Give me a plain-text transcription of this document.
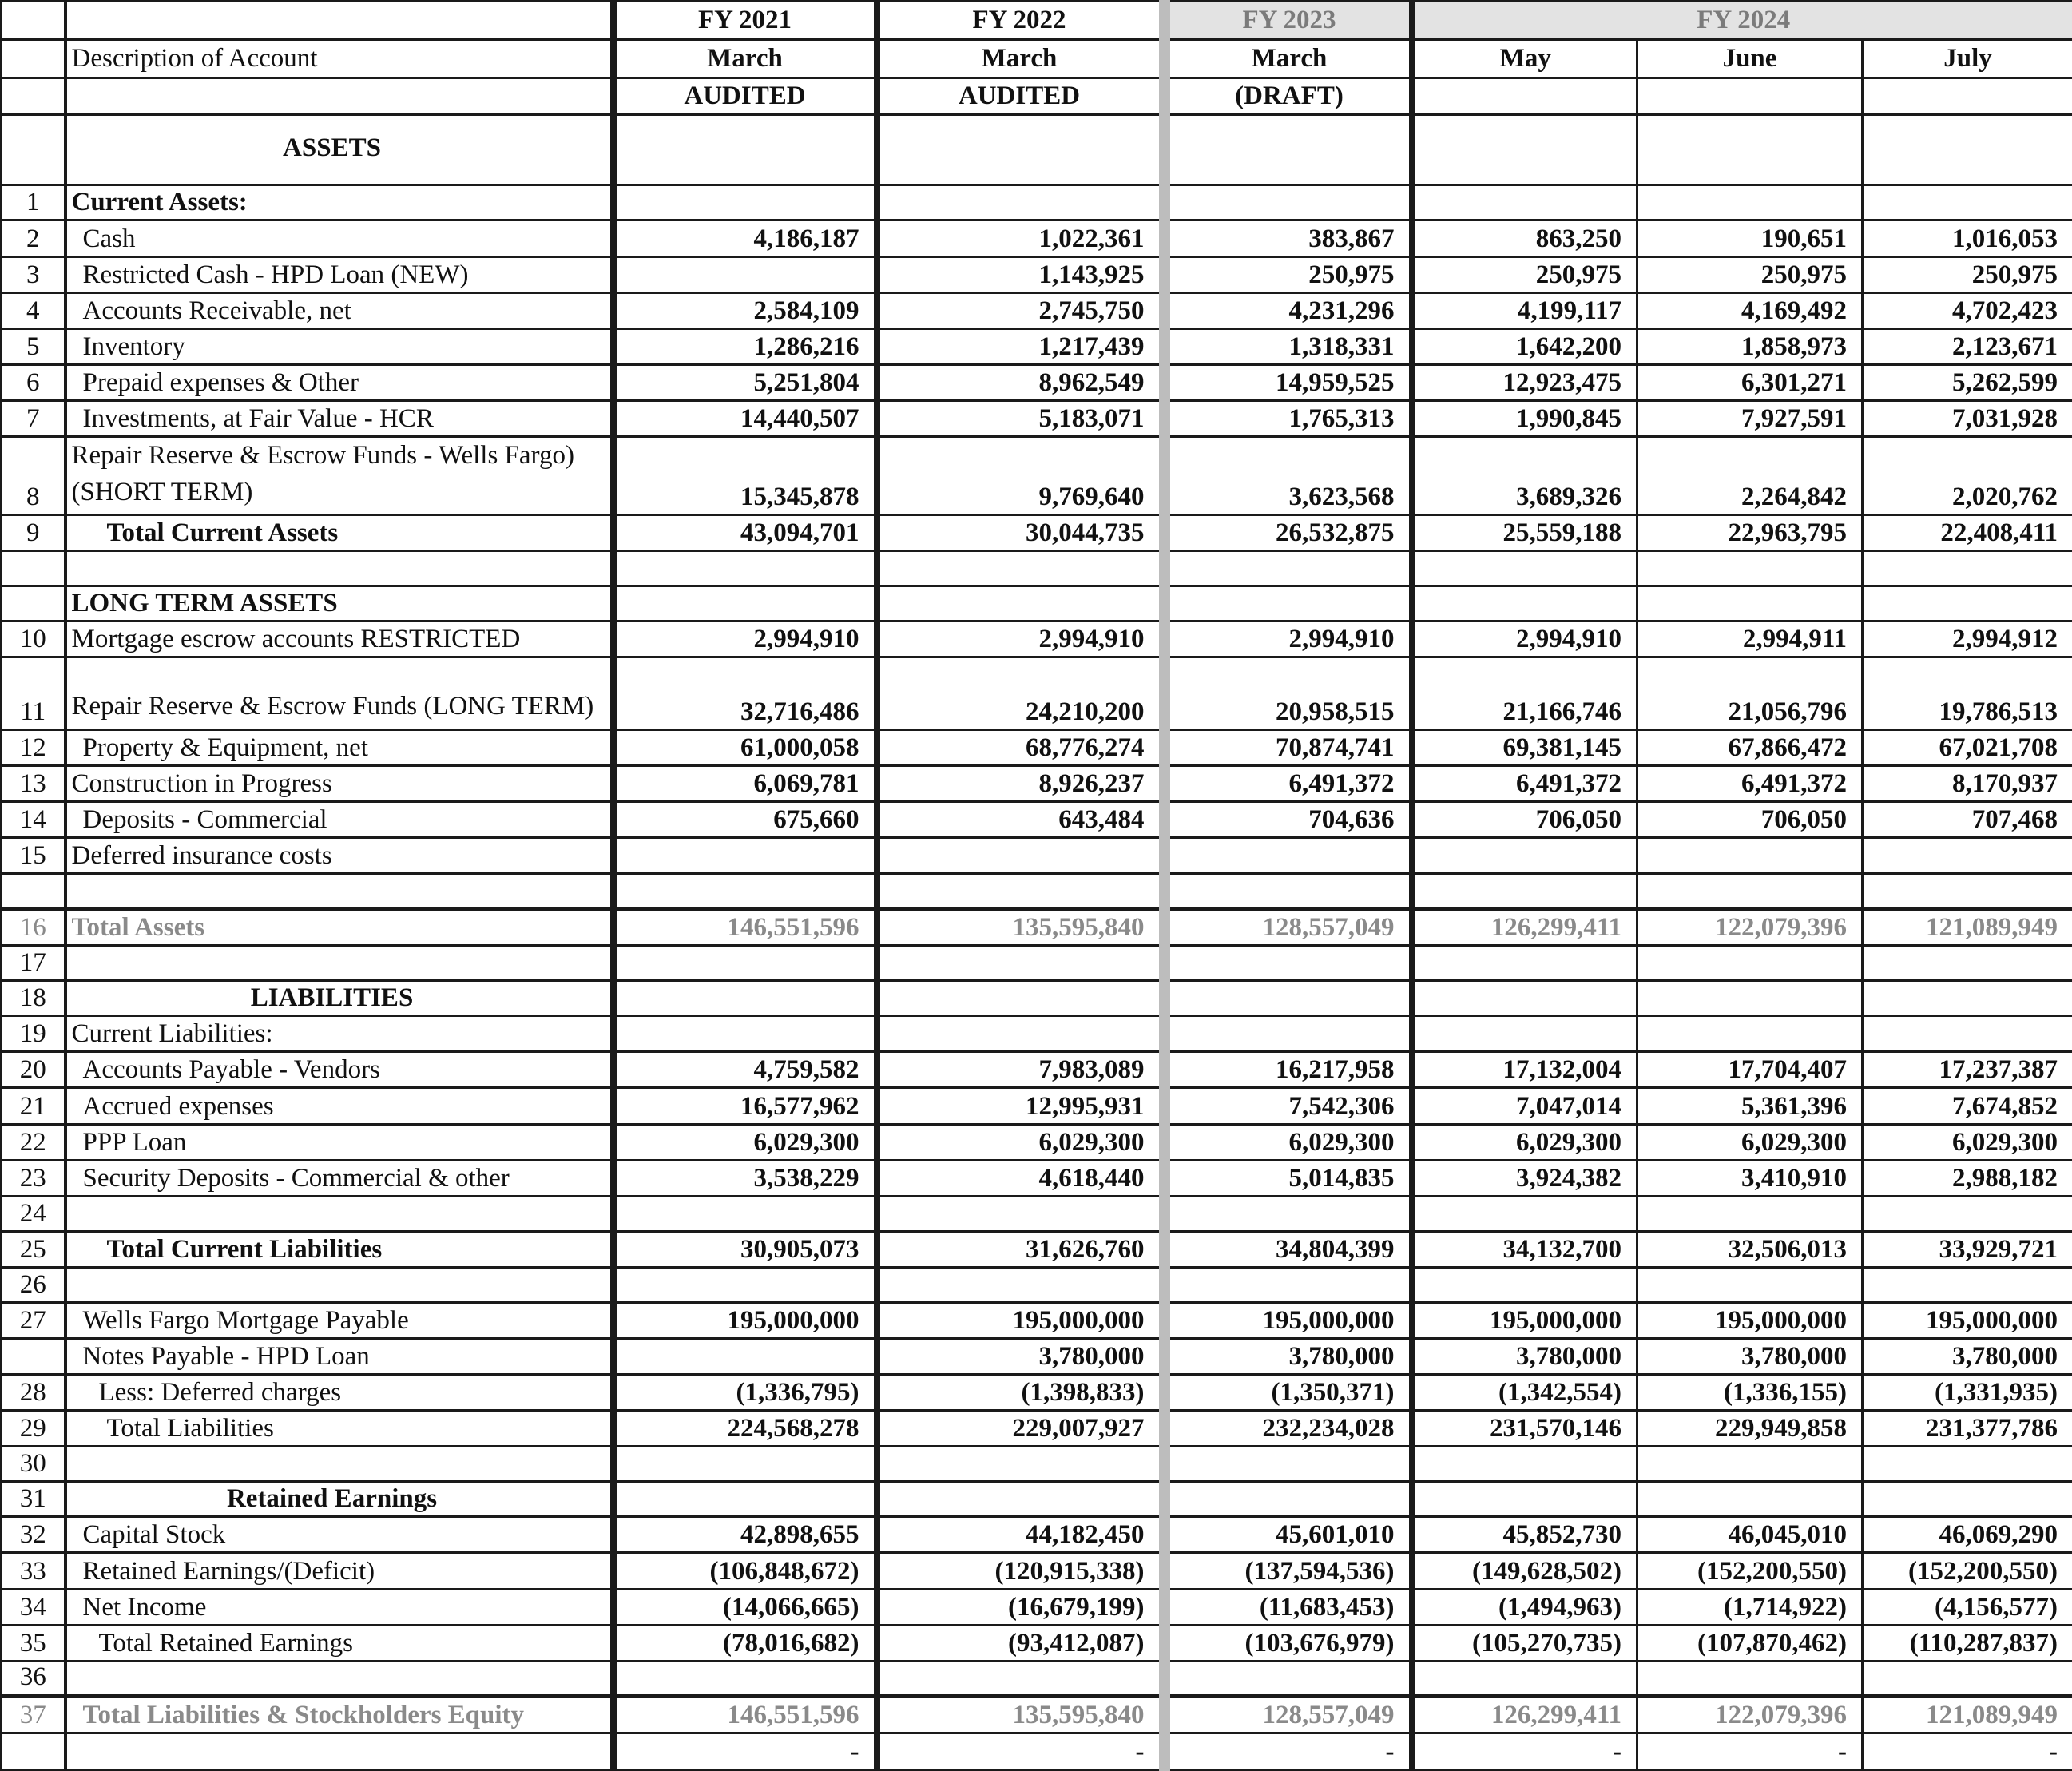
		FY 2021	FY 2022	FY 2023	FY 2024		
	Description of Account	March	March	March	May	June	July
		AUDITED	AUDITED	(DRAFT)			
	ASSETS						
1	Current Assets:						
2	Cash	4,186,187	1,022,361	383,867	863,250	190,651	1,016,053
3	Restricted Cash - HPD Loan (NEW)		1,143,925	250,975	250,975	250,975	250,975
4	Accounts Receivable, net	2,584,109	2,745,750	4,231,296	4,199,117	4,169,492	4,702,423
5	Inventory	1,286,216	1,217,439	1,318,331	1,642,200	1,858,973	2,123,671
6	Prepaid expenses & Other	5,251,804	8,962,549	14,959,525	12,923,475	6,301,271	5,262,599
7	Investments, at Fair Value - HCR	14,440,507	5,183,071	1,765,313	1,990,845	7,927,591	7,031,928
8	Repair Reserve & Escrow Funds - Wells Fargo) (SHORT TERM)	15,345,878	9,769,640	3,623,568	3,689,326	2,264,842	2,020,762
9	Total Current Assets	43,094,701	30,044,735	26,532,875	25,559,188	22,963,795	22,408,411

	LONG TERM ASSETS						
10	Mortgage escrow accounts RESTRICTED	2,994,910	2,994,910	2,994,910	2,994,910	2,994,911	2,994,912
11	Repair Reserve & Escrow Funds (LONG TERM)	32,716,486	24,210,200	20,958,515	21,166,746	21,056,796	19,786,513
12	Property & Equipment, net	61,000,058	68,776,274	70,874,741	69,381,145	67,866,472	67,021,708
13	Construction in Progress	6,069,781	8,926,237	6,491,372	6,491,372	6,491,372	8,170,937
14	Deposits - Commercial	675,660	643,484	704,636	706,050	706,050	707,468
15	Deferred insurance costs						

16	Total Assets	146,551,596	135,595,840	128,557,049	126,299,411	122,079,396	121,089,949
17							
18	LIABILITIES						
19	Current Liabilities:						
20	Accounts Payable - Vendors	4,759,582	7,983,089	16,217,958	17,132,004	17,704,407	17,237,387
21	Accrued expenses	16,577,962	12,995,931	7,542,306	7,047,014	5,361,396	7,674,852
22	PPP Loan	6,029,300	6,029,300	6,029,300	6,029,300	6,029,300	6,029,300
23	Security Deposits - Commercial & other	3,538,229	4,618,440	5,014,835	3,924,382	3,410,910	2,988,182
24							
25	Total Current Liabilities	30,905,073	31,626,760	34,804,399	34,132,700	32,506,013	33,929,721
26							
27	Wells Fargo Mortgage Payable	195,000,000	195,000,000	195,000,000	195,000,000	195,000,000	195,000,000
	Notes Payable - HPD Loan		3,780,000	3,780,000	3,780,000	3,780,000	3,780,000
28	Less: Deferred charges	(1,336,795)	(1,398,833)	(1,350,371)	(1,342,554)	(1,336,155)	(1,331,935)
29	Total Liabilities	224,568,278	229,007,927	232,234,028	231,570,146	229,949,858	231,377,786
30							
31	Retained Earnings						
32	Capital Stock	42,898,655	44,182,450	45,601,010	45,852,730	46,045,010	46,069,290
33	Retained Earnings/(Deficit)	(106,848,672)	(120,915,338)	(137,594,536)	(149,628,502)	(152,200,550)	(152,200,550)
34	Net Income	(14,066,665)	(16,679,199)	(11,683,453)	(1,494,963)	(1,714,922)	(4,156,577)
35	Total Retained Earnings	(78,016,682)	(93,412,087)	(103,676,979)	(105,270,735)	(107,870,462)	(110,287,837)
36							
37	Total Liabilities & Stockholders Equity	146,551,596	135,595,840	128,557,049	126,299,411	122,079,396	121,089,949
		-	-	-	-	-	-
